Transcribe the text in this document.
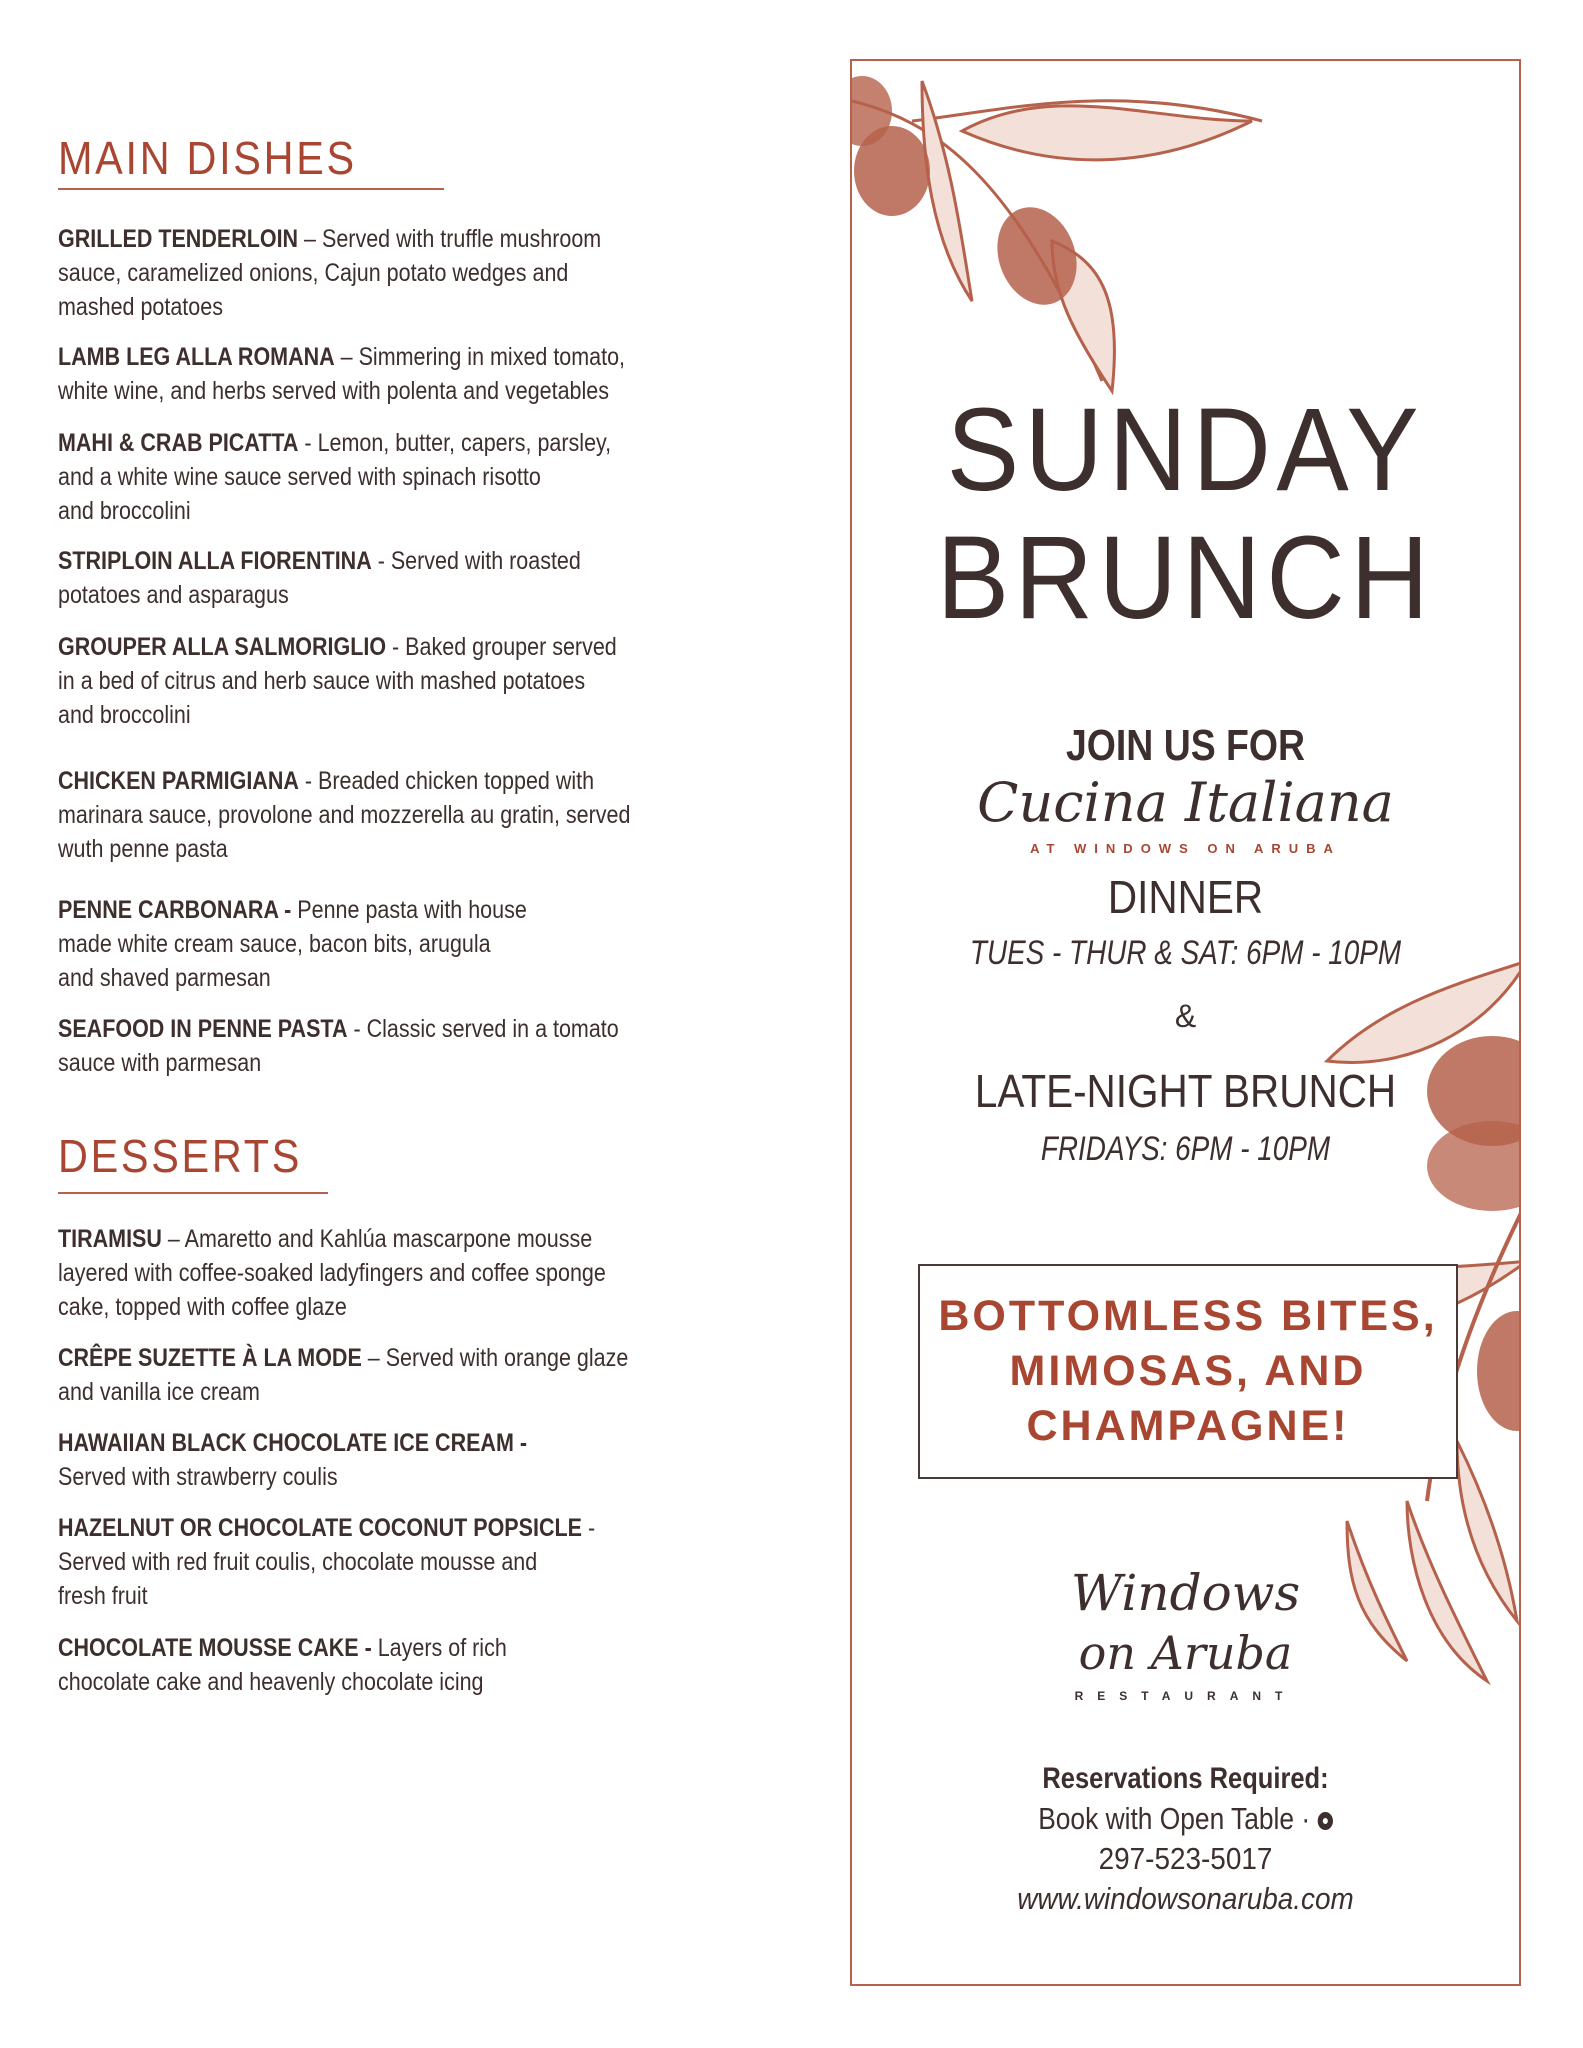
MAIN DISHES
GRILLED TENDERLOIN – Served with truffle mushroom
sauce, caramelized onions, Cajun potato wedges and
mashed potatoes
LAMB LEG ALLA ROMANA – Simmering in mixed tomato,
white wine, and herbs served with polenta and vegetables
MAHI & CRAB PICATTA - Lemon, butter, capers, parsley,
and a white wine sauce served with spinach risotto
and broccolini
STRIPLOIN ALLA FIORENTINA - Served with roasted
potatoes and asparagus
GROUPER ALLA SALMORIGLIO - Baked grouper served
in a bed of citrus and herb sauce with mashed potatoes
and broccolini
CHICKEN PARMIGIANA - Breaded chicken topped with
marinara sauce, provolone and mozzerella au gratin, served
wuth penne pasta
PENNE CARBONARA - Penne pasta with house
made white cream sauce, bacon bits, arugula
and shaved parmesan
SEAFOOD IN PENNE PASTA - Classic served in a tomato
sauce with parmesan
DESSERTS
TIRAMISU – Amaretto and Kahlúa mascarpone mousse
layered with coffee-soaked ladyfingers and coffee sponge
cake, topped with coffee glaze
CRÊPE SUZETTE À LA MODE – Served with orange glaze
and vanilla ice cream
HAWAIIAN BLACK CHOCOLATE ICE CREAM -
Served with strawberry coulis
HAZELNUT OR CHOCOLATE COCONUT POPSICLE -
Served with red fruit coulis, chocolate mousse and
fresh fruit
CHOCOLATE MOUSSE CAKE - Layers of rich
chocolate cake and heavenly chocolate icing
SUNDAY
BRUNCH
JOIN US FOR
Cucina Italiana
AT WINDOWS ON ARUBA
DINNER
TUES - THUR & SAT: 6PM - 10PM
&
LATE-NIGHT BRUNCH
FRIDAYS: 6PM - 10PM
BOTTOMLESS BITES,
MIMOSAS, AND
CHAMPAGNE!
Windows
on Aruba
RESTAURANT
Reservations Required:
Book with Open Table ·
297-523-5017
www.windowsonaruba.com
